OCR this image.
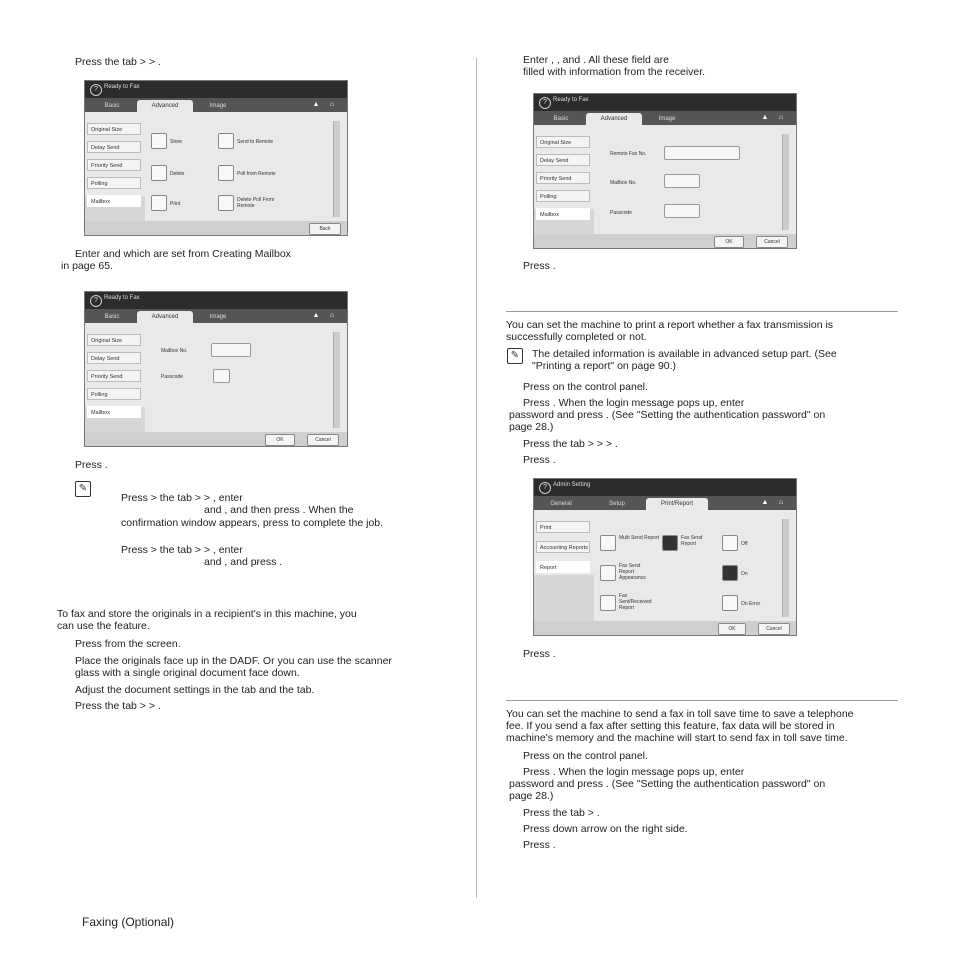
Press the tab > > .
?	Ready to Fax
Basic	Advanced	Image	▲	⌂
Original Size
Delay Send
Priority Send
Polling
Mailbox
Store	Send to Remote
Delete	Poll from Remote
Print
Delete Poll From Remote
Back
Enter and which are set from Creating Mailbox
in page 65.
?	Ready to Fax
Basic	Advanced	Image	▲	⌂
Original Size
Delay Send
Priority Send
Polling
Mailbox
Mailbox No.
Passcode
OK	Cancel
Press .
✎
Press > the tab > > , enter
and , and then press . When the
confirmation window appears, press to complete the job.
Press > the tab > > , enter
and , and press .
To fax and store the originals in a recipient's in this machine, you
can use the feature.
Press from the screen.
Place the originals face up in the DADF. Or you can use the scanner
glass with a single original document face down.
Adjust the document settings in the tab and the tab.
Press the tab > > .
Faxing (Optional)
Enter , , and . All these field are
filled with information from the receiver.
?	Ready to Fax
Basic	Advanced	Image	▲	⌂
Original Size
Delay Send
Priority Send
Polling
Mailbox
Remote Fax No.
Mailbox No.
Passcode
OK	Cancel
Press .
You can set the machine to print a report whether a fax transmission is
successfully completed or not.
✎	The detailed information is available in advanced setup part. (See
"Printing a report" on page 90.)
Press on the control panel.
Press . When the login message pops up, enter
password and press . (See "Setting the authentication password" on
page 28.)
Press the tab > > > .
Press .
?	Admin Setting
General	Setup	Print/Report	▲	⌂
Print
Accounting Reports
Report
Multi Send Report	Fax Send Report
Fax Send Report Appearance
Fax Sent/Received Report
Off
On
On Error
OK	Cancel
Press .
You can set the machine to send a fax in toll save time to save a telephone
fee. If you send a fax after setting this feature, fax data will be stored in
machine's memory and the machine will start to send fax in toll save time.
Press on the control panel.
Press . When the login message pops up, enter
password and press . (See "Setting the authentication password" on
page 28.)
Press the tab > .
Press down arrow on the right side.
Press .
